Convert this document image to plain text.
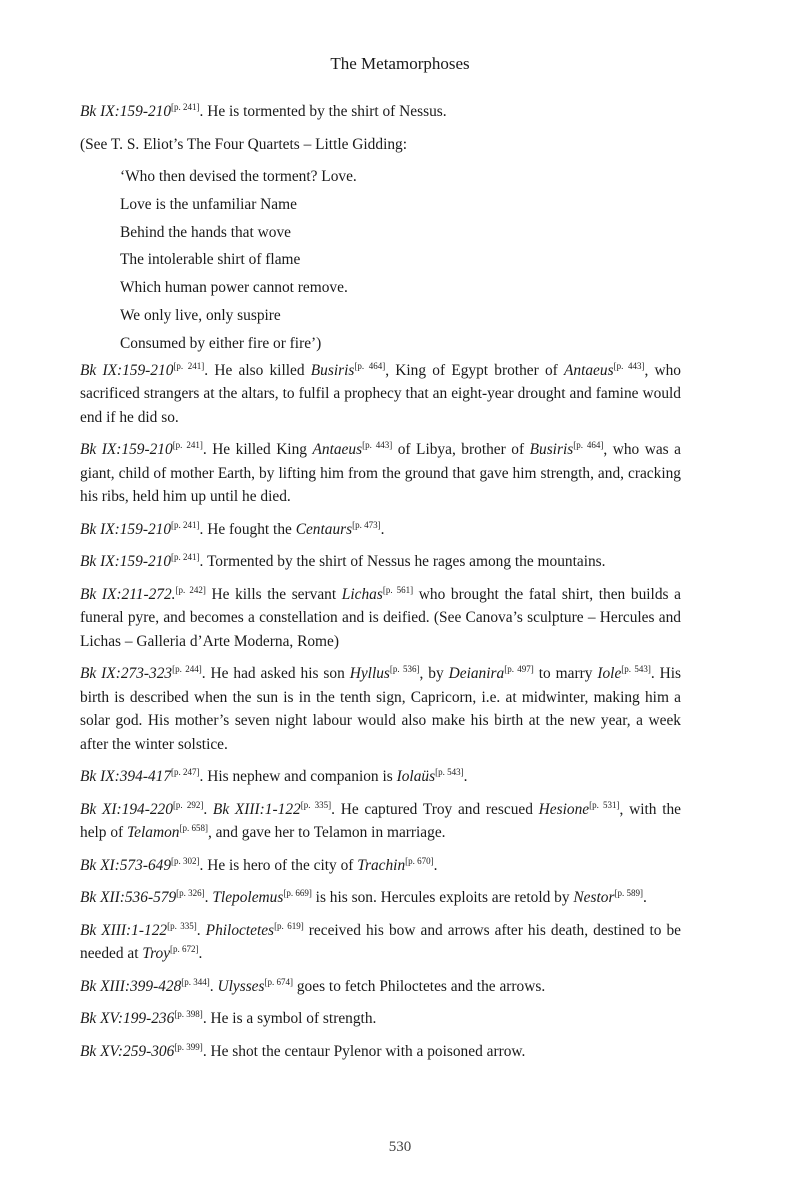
The Metamorphoses

Bk IX:159-210[p. 241]. He is tormented by the shirt of Nessus.

(See T. S. Eliot’s The Four Quartets – Little Gidding:

‘Who then devised the torment? Love.
Love is the unfamiliar Name
Behind the hands that wove
The intolerable shirt of flame
Which human power cannot remove.
We only live, only suspire
Consumed by either fire or fire’)

Bk IX:159-210[p. 241]. He also killed Busiris[p. 464], King of Egypt brother of Antaeus[p. 443], who sacrificed strangers at the altars, to fulfil a prophecy that an eight-year drought and famine would end if he did so.

Bk IX:159-210[p. 241]. He killed King Antaeus[p. 443] of Libya, brother of Busiris[p. 464], who was a giant, child of mother Earth, by lifting him from the ground that gave him strength, and, cracking his ribs, held him up until he died.

Bk IX:159-210[p. 241]. He fought the Centaurs[p. 473].

Bk IX:159-210[p. 241]. Tormented by the shirt of Nessus he rages among the mountains.

Bk IX:211-272.[p. 242] He kills the servant Lichas[p. 561] who brought the fatal shirt, then builds a funeral pyre, and becomes a constellation and is deified. (See Canova’s sculpture – Hercules and Lichas – Galleria d’Arte Moderna, Rome)

Bk IX:273-323[p. 244]. He had asked his son Hyllus[p. 536], by Deianira[p. 497] to marry Iole[p. 543]. His birth is described when the sun is in the tenth sign, Capricorn, i.e. at midwinter, making him a solar god. His mother’s seven night labour would also make his birth at the new year, a week after the winter solstice.

Bk IX:394-417[p. 247]. His nephew and companion is Iolaüs[p. 543].

Bk XI:194-220[p. 292]. Bk XIII:1-122[p. 335]. He captured Troy and rescued Hesione[p. 531], with the help of Telamon[p. 658], and gave her to Telamon in marriage.

Bk XI:573-649[p. 302]. He is hero of the city of Trachin[p. 670].

Bk XII:536-579[p. 326]. Tlepolemus[p. 669] is his son. Hercules exploits are retold by Nestor[p. 589].

Bk XIII:1-122[p. 335]. Philoctetes[p. 619] received his bow and arrows after his death, destined to be needed at Troy[p. 672].

Bk XIII:399-428[p. 344]. Ulysses[p. 674] goes to fetch Philoctetes and the arrows.

Bk XV:199-236[p. 398]. He is a symbol of strength.

Bk XV:259-306[p. 399]. He shot the centaur Pylenor with a poisoned arrow.

530
